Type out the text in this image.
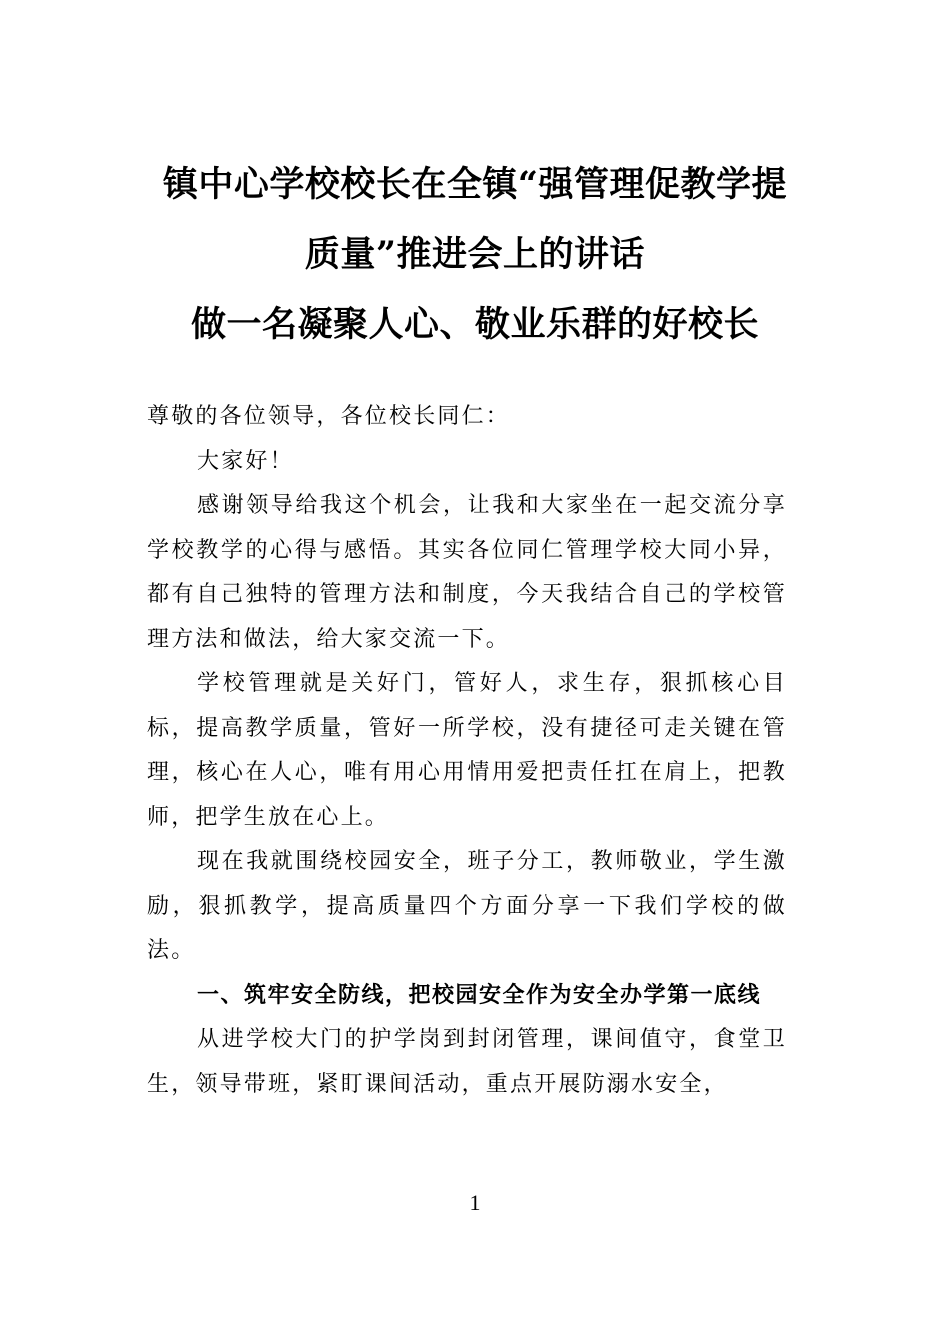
镇中心学校校长在全镇“强管理促教学提
质量”推进会上的讲话
做一名凝聚人心、敬业乐群的好校长

尊敬的各位领导，各位校长同仁：

大家好！

感谢领导给我这个机会，让我和大家坐在一起交流分享学校教学的心得与感悟。其实各位同仁管理学校大同小异，都有自己独特的管理方法和制度，今天我结合自己的学校管理方法和做法，给大家交流一下。

学校管理就是关好门，管好人，求生存，狠抓核心目标，提高教学质量，管好一所学校，没有捷径可走关键在管理，核心在人心，唯有用心用情用爱把责任扛在肩上，把教师，把学生放在心上。

现在我就围绕校园安全，班子分工，教师敬业，学生激励，狠抓教学，提高质量四个方面分享一下我们学校的做法。

一、筑牢安全防线，把校园安全作为安全办学第一底线

从进学校大门的护学岗到封闭管理，课间值守，食堂卫生，领导带班，紧盯课间活动，重点开展防溺水安全，

1
